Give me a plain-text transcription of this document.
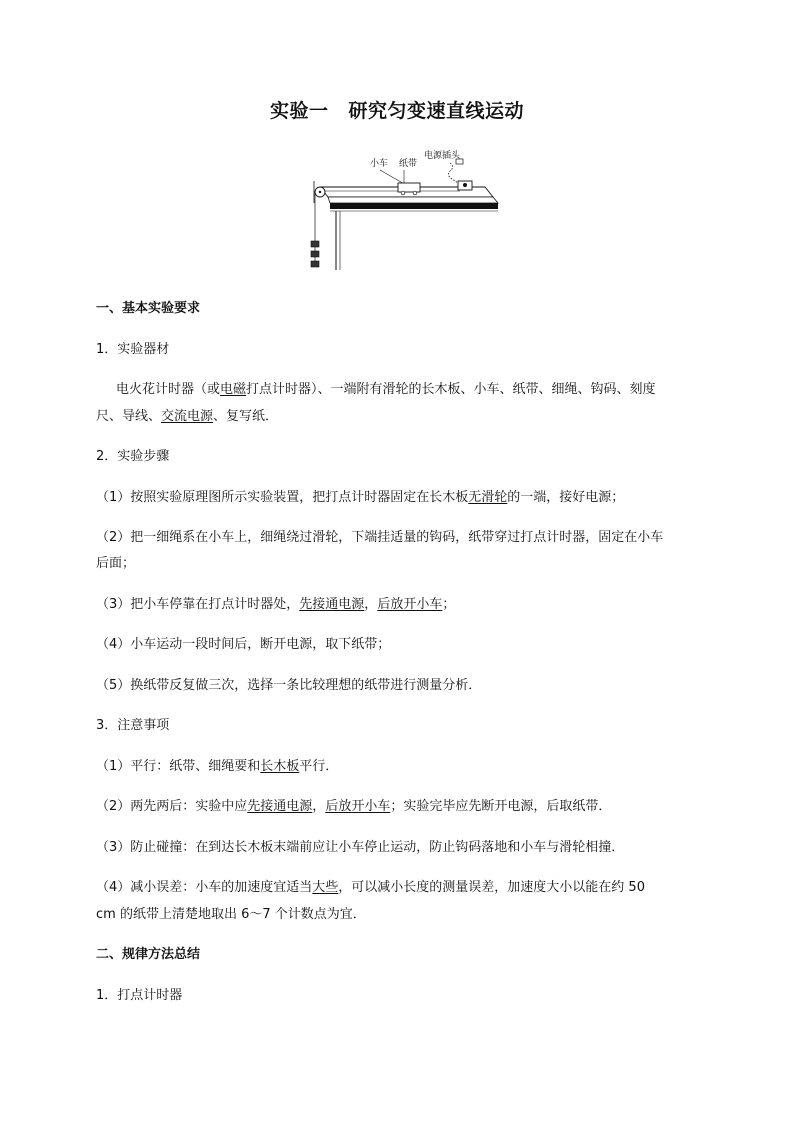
实验一 研究匀变速直线运动
小车 纸带
电源插头
一、基本实验要求
1．实验器材
电火花计时器（或电磁打点计时器）、一端附有滑轮的长木板、小车、纸带、细绳、钩码、刻度
尺、导线、交流电源、复写纸．
2．实验步骤
（1）按照实验原理图所示实验装置，把打点计时器固定在长木板无滑轮的一端，接好电源；
（2）把一细绳系在小车上，细绳绕过滑轮，下端挂适量的钩码，纸带穿过打点计时器，固定在小车
后面；
（3）把小车停靠在打点计时器处，先接通电源，后放开小车；
（4）小车运动一段时间后，断开电源，取下纸带；
（5）换纸带反复做三次，选择一条比较理想的纸带进行测量分析．
3．注意事项
（1）平行：纸带、细绳要和长木板平行．
（2）两先两后：实验中应先接通电源，后放开小车；实验完毕应先断开电源，后取纸带．
（3）防止碰撞：在到达长木板末端前应让小车停止运动，防止钩码落地和小车与滑轮相撞．
（4）减小误差：小车的加速度宜适当大些，可以减小长度的测量误差，加速度大小以能在约 50
cm 的纸带上清楚地取出 6～7 个计数点为宜．
二、规律方法总结
1．打点计时器
